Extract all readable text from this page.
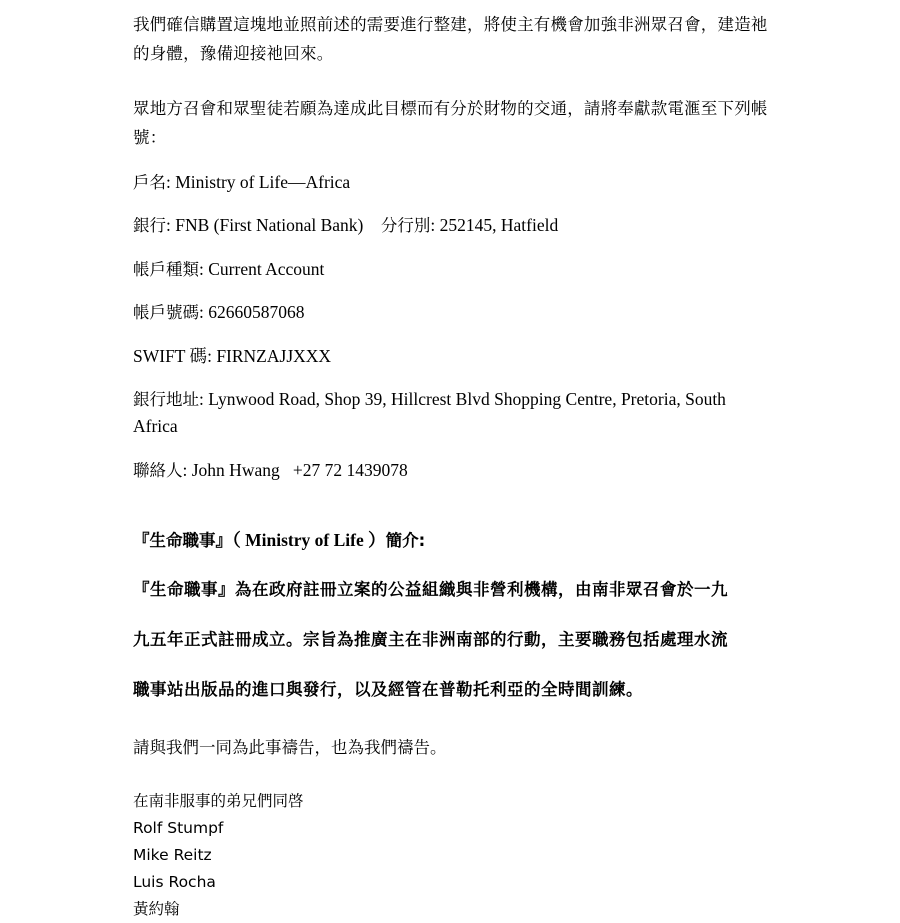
我們確信購置這塊地並照前述的需要進行整建，將使主有機會加強非洲眾召會，建造祂的身體，豫備迎接祂回來。

眾地方召會和眾聖徒若願為達成此目標而有分於財物的交通，請將奉獻款電滙至下列帳號：

戶名: Ministry of Life—Africa

銀行: FNB (First National Bank) 分行別: 252145, Hatfield

帳戶種類: Current Account

帳戶號碼: 62660587068

SWIFT 碼: FIRNZAJJXXX

銀行地址: Lynwood Road, Shop 39, Hillcrest Blvd Shopping Centre, Pretoria, South Africa

聯絡人: John Hwang +27 72 1439078

『生命職事』（ Ministry of Life ）簡介:

『生命職事』為在政府註冊立案的公益組織與非營利機構，由南非眾召會於一九

九五年正式註冊成立。宗旨為推廣主在非洲南部的行動，主要職務包括處理水流

職事站出版品的進口與發行，以及經管在普勒托利亞的全時間訓練。

請與我們一同為此事禱告，也為我們禱告。

在南非服事的弟兄們同啓

Rolf Stumpf

Mike Reitz

Luis Rocha

黃約翰
